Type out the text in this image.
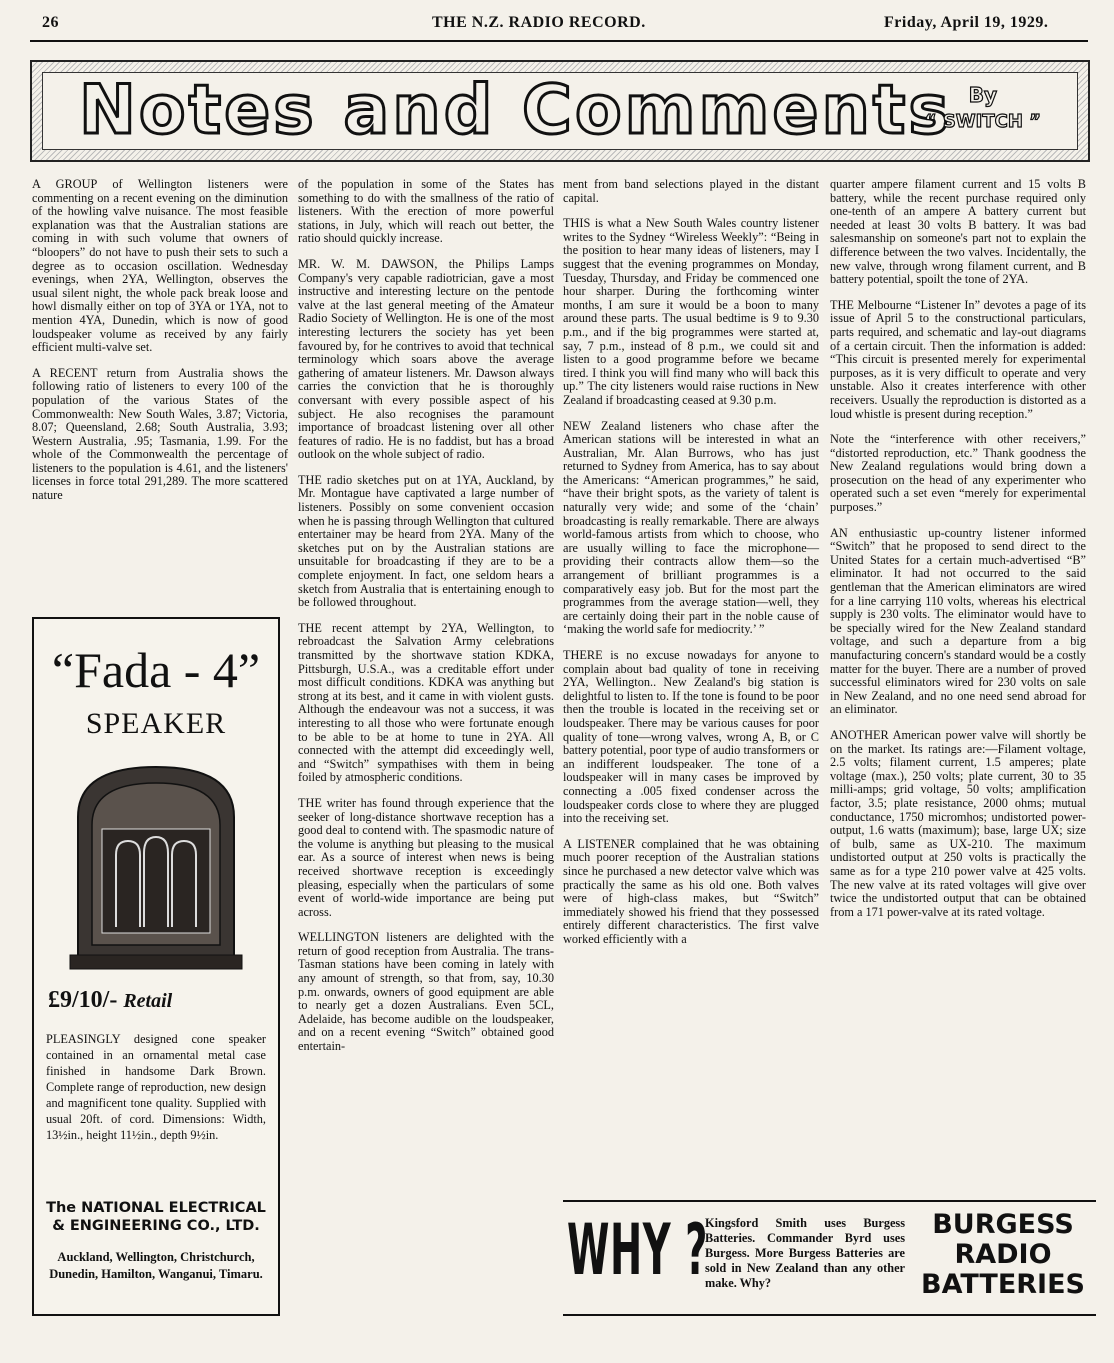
26	THE N.Z. RADIO RECORD.	Friday, April 19, 1929.
Notes and Comments By
“ SWITCH ”

A GROUP of Wellington listeners were commenting on a recent evening on the diminution of the howling valve nuisance. The most feasible explanation was that the Australian stations are coming in with such volume that owners of “bloopers” do not have to push their sets to such a degree as to occasion oscillation. Wednesday evenings, when 2YA, Wellington, observes the usual silent night, the whole pack break loose and howl dismally either on top of 3YA or 1YA, not to mention 4YA, Dunedin, which is now of good loudspeaker volume as received by any fairly efficient multi-valve set.

A RECENT return from Australia shows the following ratio of listeners to every 100 of the population of the various States of the Commonwealth: New South Wales, 3.87; Victoria, 8.07; Queensland, 2.68; South Australia, 3.93; Western Australia, .95; Tasmania, 1.99. For the whole of the Commonwealth the percentage of listeners to the population is 4.61, and the listeners' licenses in force total 291,289. The more scattered nature

“Fada - 4”
SPEAKER
£9/10/- Retail
PLEASINGLY designed cone speaker contained in an ornamental metal case finished in handsome Dark Brown. Complete range of reproduction, new design and magnificent tone quality. Supplied with usual 20ft. of cord. Dimensions: Width, 13½in., height 11½in., depth 9½in.
The NATIONAL ELECTRICAL & ENGINEERING CO., LTD.
Auckland, Wellington, Christchurch, Dunedin, Hamilton, Wanganui, Timaru.

of the population in some of the States has something to do with the smallness of the ratio of listeners. With the erection of more powerful stations, in July, which will reach out better, the ratio should quickly increase.

MR. W. M. DAWSON, the Philips Lamps Company's very capable radiotrician, gave a most instructive and interesting lecture on the pentode valve at the last general meeting of the Amateur Radio Society of Wellington. He is one of the most interesting lecturers the society has yet been favoured by, for he contrives to avoid that technical terminology which soars above the average gathering of amateur listeners. Mr. Dawson always carries the conviction that he is thoroughly conversant with every possible aspect of his subject. He also recognises the paramount importance of broadcast listening over all other features of radio. He is no faddist, but has a broad outlook on the whole subject of radio.

THE radio sketches put on at 1YA, Auckland, by Mr. Montague have captivated a large number of listeners. Possibly on some convenient occasion when he is passing through Wellington that cultured entertainer may be heard from 2YA. Many of the sketches put on by the Australian stations are unsuitable for broadcasting if they are to be a complete enjoyment. In fact, one seldom hears a sketch from Australia that is entertaining enough to be followed throughout.

THE recent attempt by 2YA, Wellington, to rebroadcast the Salvation Army celebrations transmitted by the shortwave station KDKA, Pittsburgh, U.S.A., was a creditable effort under most difficult conditions. KDKA was anything but strong at its best, and it came in with violent gusts. Although the endeavour was not a success, it was interesting to all those who were fortunate enough to be able to be at home to tune in 2YA. All connected with the attempt did exceedingly well, and “Switch” sympathises with them in being foiled by atmospheric conditions.

THE writer has found through experience that the seeker of long-distance shortwave reception has a good deal to contend with. The spasmodic nature of the volume is anything but pleasing to the musical ear. As a source of interest when news is being received shortwave reception is exceedingly pleasing, especially when the particulars of some event of world-wide importance are being put across.

WELLINGTON listeners are delighted with the return of good reception from Australia. The trans-Tasman stations have been coming in lately with any amount of strength, so that from, say, 10.30 p.m. onwards, owners of good equipment are able to nearly get a dozen Australians. Even 5CL, Adelaide, has become audible on the loudspeaker, and on a recent evening “Switch” obtained good entertain-

ment from band selections played in the distant capital.

THIS is what a New South Wales country listener writes to the Sydney “Wireless Weekly”: “Being in the position to hear many ideas of listeners, may I suggest that the evening programmes on Monday, Tuesday, Thursday, and Friday be commenced one hour sharper. During the forthcoming winter months, I am sure it would be a boon to many around these parts. The usual bedtime is 9 to 9.30 p.m., and if the big programmes were started at, say, 7 p.m., instead of 8 p.m., we could sit and listen to a good programme before we became tired. I think you will find many who will back this up.” The city listeners would raise ructions in New Zealand if broadcasting ceased at 9.30 p.m.

NEW Zealand listeners who chase after the American stations will be interested in what an Australian, Mr. Alan Burrows, who has just returned to Sydney from America, has to say about the Americans: “American programmes,” he said, “have their bright spots, as the variety of talent is naturally very wide; and some of the ‘chain’ broadcasting is really remarkable. There are always world-famous artists from which to choose, who are usually willing to face the microphone—providing their contracts allow them—so the arrangement of brilliant programmes is a comparatively easy job. But for the most part the programmes from the average station—well, they are certainly doing their part in the noble cause of ‘making the world safe for mediocrity.’ ”

THERE is no excuse nowadays for anyone to complain about bad quality of tone in receiving 2YA, Wellington.. New Zealand's big station is delightful to listen to. If the tone is found to be poor then the trouble is located in the receiving set or loudspeaker. There may be various causes for poor quality of tone—wrong valves, wrong A, B, or C battery potential, poor type of audio transformers or an indifferent loudspeaker. The tone of a loudspeaker will in many cases be improved by connecting a .005 fixed condenser across the loudspeaker cords close to where they are plugged into the receiving set.

A LISTENER complained that he was obtaining much poorer reception of the Australian stations since he purchased a new detector valve which was practically the same as his old one. Both valves were of high-class makes, but “Switch” immediately showed his friend that they possessed entirely different characteristics. The first valve worked efficiently with a

quarter ampere filament current and 15 volts B battery, while the recent purchase required only one-tenth of an ampere A battery current but needed at least 30 volts B battery. It was bad salesmanship on someone's part not to explain the difference between the two valves. Incidentally, the new valve, through wrong filament current, and B battery potential, spoilt the tone of 2YA.

THE Melbourne “Listener In” devotes a page of its issue of April 5 to the constructional particulars, parts required, and schematic and lay-out diagrams of a certain circuit. Then the information is added: “This circuit is presented merely for experimental purposes, as it is very difficult to operate and very unstable. Also it creates interference with other receivers. Usually the reproduction is distorted as a loud whistle is present during reception.”

Note the “interference with other receivers,” “distorted reproduction, etc.” Thank goodness the New Zealand regulations would bring down a prosecution on the head of any experimenter who operated such a set even “merely for experimental purposes.”

AN enthusiastic up-country listener informed “Switch” that he proposed to send direct to the United States for a certain much-advertised “B” eliminator. It had not occurred to the said gentleman that the American eliminators are wired for a line carrying 110 volts, whereas his electrical supply is 230 volts. The eliminator would have to be specially wired for the New Zealand standard voltage, and such a departure from a big manufacturing concern's standard would be a costly matter for the buyer. There are a number of proved successful eliminators wired for 230 volts on sale in New Zealand, and no one need send abroad for an eliminator.

ANOTHER American power valve will shortly be on the market. Its ratings are:—Filament voltage, 2.5 volts; filament current, 1.5 amperes; plate voltage (max.), 250 volts; plate current, 30 to 35 milli-amps; grid voltage, 50 volts; amplification factor, 3.5; plate resistance, 2000 ohms; mutual conductance, 1750 micromhos; undistorted power-output, 1.6 watts (maximum); base, large UX; size of bulb, same as UX-210. The maximum undistorted output at 250 volts is practically the same as for a type 210 power valve at 425 volts. The new valve at its rated voltages will give over twice the undistorted output that can be obtained from a 171 power-valve at its rated voltage.

WHY ?
Kingsford Smith uses Burgess Batteries. Commander Byrd uses Burgess. More Burgess Batteries are sold in New Zealand than any other make. Why?
BURGESS
RADIO
BATTERIES
